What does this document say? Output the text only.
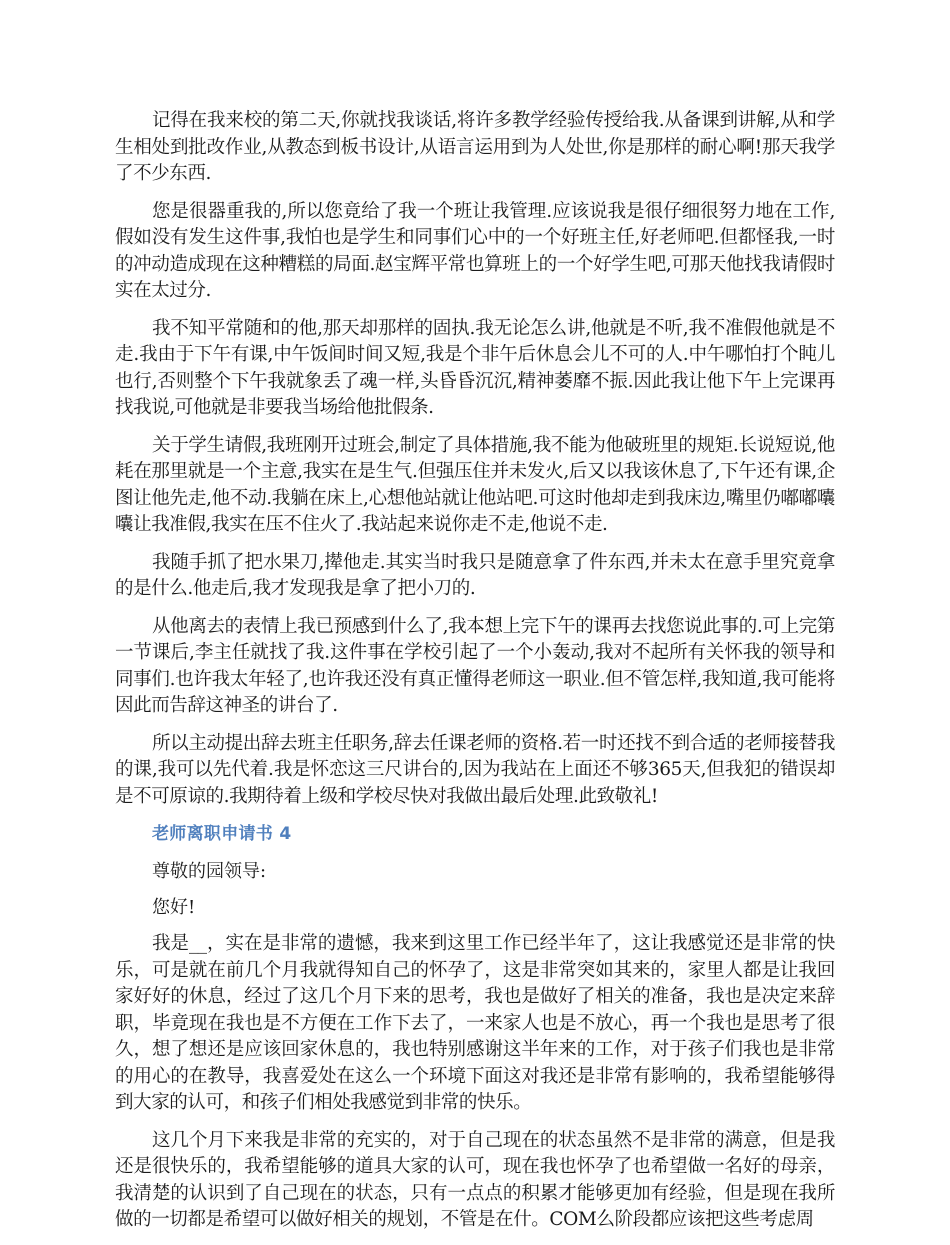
记得在我来校的第二天,你就找我谈话,将许多教学经验传授给我.从备课到讲解,从和学生相处到批改作业,从教态到板书设计,从语言运用到为人处世,你是那样的耐心啊!那天我学了不少东西.

您是很器重我的,所以您竟给了我一个班让我管理.应该说我是很仔细很努力地在工作,假如没有发生这件事,我怕也是学生和同事们心中的一个好班主任,好老师吧.但都怪我,一时的冲动造成现在这种糟糕的局面.赵宝辉平常也算班上的一个好学生吧,可那天他找我请假时实在太过分.

我不知平常随和的他,那天却那样的固执.我无论怎么讲,他就是不听,我不准假他就是不走.我由于下午有课,中午饭间时间又短,我是个非午后休息会儿不可的人.中午哪怕打个盹儿也行,否则整个下午我就象丢了魂一样,头昏昏沉沉,精神萎靡不振.因此我让他下午上完课再找我说,可他就是非要我当场给他批假条.

关于学生请假,我班刚开过班会,制定了具体措施,我不能为他破班里的规矩.长说短说,他耗在那里就是一个主意,我实在是生气.但强压住并未发火,后又以我该休息了,下午还有课,企图让他先走,他不动.我躺在床上,心想他站就让他站吧.可这时他却走到我床边,嘴里仍嘟嘟囔囔让我准假,我实在压不住火了.我站起来说你走不走,他说不走.

我随手抓了把水果刀,撵他走.其实当时我只是随意拿了件东西,并未太在意手里究竟拿的是什么.他走后,我才发现我是拿了把小刀的.

从他离去的表情上我已预感到什么了,我本想上完下午的课再去找您说此事的.可上完第一节课后,李主任就找了我.这件事在学校引起了一个小轰动,我对不起所有关怀我的领导和同事们.也许我太年轻了,也许我还没有真正懂得老师这一职业.但不管怎样,我知道,我可能将因此而告辞这神圣的讲台了.

所以主动提出辞去班主任职务,辞去任课老师的资格.若一时还找不到合适的老师接替我的课,我可以先代着.我是怀恋这三尺讲台的,因为我站在上面还不够365天,但我犯的错误却是不可原谅的.我期待着上级和学校尽快对我做出最后处理.此致敬礼!

老师离职申请书 4

尊敬的园领导:

您好!

我是__，实在是非常的遗憾，我来到这里工作已经半年了，这让我感觉还是非常的快乐，可是就在前几个月我就得知自己的怀孕了，这是非常突如其来的，家里人都是让我回家好好的休息，经过了这几个月下来的思考，我也是做好了相关的准备，我也是决定来辞职，毕竟现在我也是不方便在工作下去了，一来家人也是不放心，再一个我也是思考了很久，想了想还是应该回家休息的，我也特别感谢这半年来的工作，对于孩子们我也是非常的用心的在教导，我喜爱处在这么一个环境下面这对我还是非常有影响的，我希望能够得到大家的认可，和孩子们相处我感觉到非常的快乐。

这几个月下来我是非常的充实的，对于自己现在的状态虽然不是非常的满意，但是我还是很快乐的，我希望能够的道具大家的认可，现在我也怀孕了也希望做一名好的母亲，我清楚的认识到了自己现在的状态，只有一点点的积累才能够更加有经验，但是现在我所做的一切都是希望可以做好相关的规划，不管是在什。COM么阶段都应该把这些考虑周
